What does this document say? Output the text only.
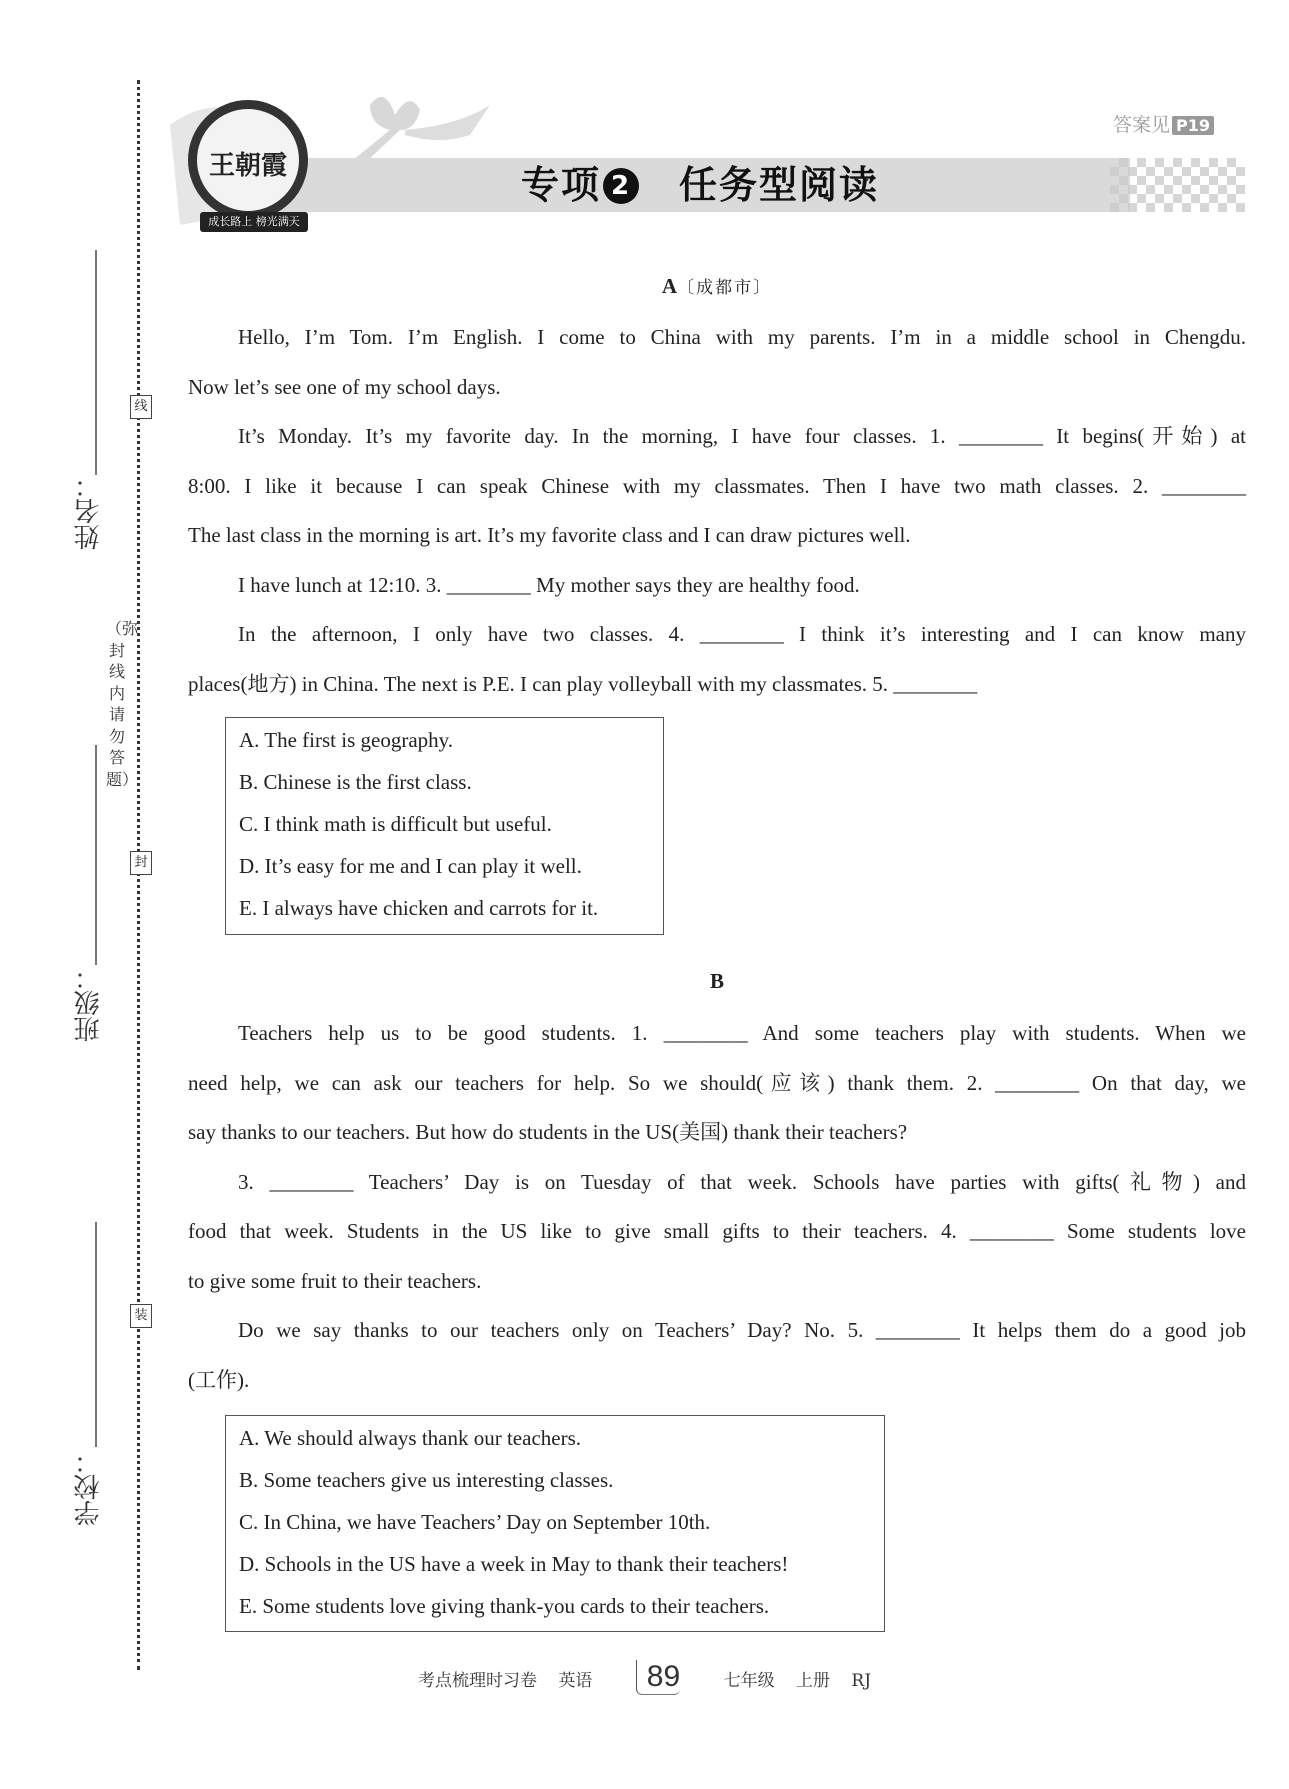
线
封
装
（弥封线内请勿答题）
姓名：
班级：
学校：
专项 2 任务型阅读
王朝霞
成长路上 榜光满天
答案见 P19
A〔成都市〕
Hello, I’m Tom. I’m English. I come to China with my parents. I’m in a middle school in Chengdu.
Now let’s see one of my school days.
It’s Monday. It’s my favorite day. In the morning, I have four classes. 1. ________ It begins(开始) at
8:00. I like it because I can speak Chinese with my classmates. Then I have two math classes. 2. ________
The last class in the morning is art. It’s my favorite class and I can draw pictures well.
I have lunch at 12:10. 3. ________ My mother says they are healthy food.
In the afternoon, I only have two classes. 4. ________ I think it’s interesting and I can know many
places(地方) in China. The next is P.E. I can play volleyball with my classmates. 5. ________
A. The first is geography.
B. Chinese is the first class.
C. I think math is difficult but useful.
D. It’s easy for me and I can play it well.
E. I always have chicken and carrots for it.
B
Teachers help us to be good students. 1. ________ And some teachers play with students. When we
need help, we can ask our teachers for help. So we should(应该) thank them. 2. ________ On that day, we
say thanks to our teachers. But how do students in the US(美国) thank their teachers?
3. ________ Teachers’ Day is on Tuesday of that week. Schools have parties with gifts(礼物) and
food that week. Students in the US like to give small gifts to their teachers. 4. ________ Some students love
to give some fruit to their teachers.
Do we say thanks to our teachers only on Teachers’ Day? No. 5. ________ It helps them do a good job
(工作).
A. We should always thank our teachers.
B. Some teachers give us interesting classes.
C. In China, we have Teachers’ Day on September 10th.
D. Schools in the US have a week in May to thank their teachers!
E. Some students love giving thank-you cards to their teachers.
考点梳理时习卷 英语 89	七年级 上册 RJ
